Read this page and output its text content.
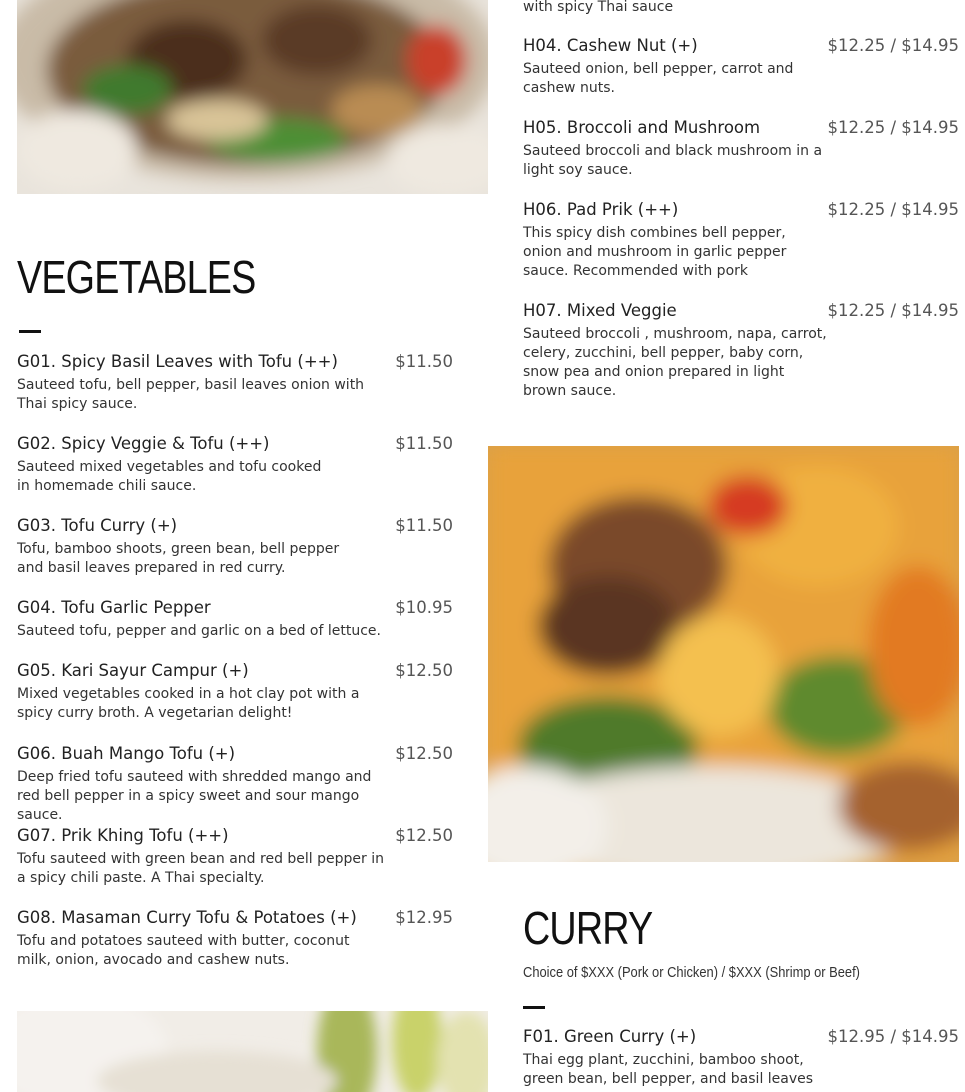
with spicy Thai sauce
H04. Cashew Nut (+)	$12.25 / $14.95
Sauteed onion, bell pepper, carrot and cashew nuts.
H05. Broccoli and Mushroom	$12.25 / $14.95
Sauteed broccoli and black mushroom in a light soy sauce.
H06. Pad Prik (++)	$12.25 / $14.95
This spicy dish combines bell pepper, onion and mushroom in garlic pepper sauce. Recommended with pork
H07. Mixed Veggie	$12.25 / $14.95
Sauteed broccoli , mushroom, napa, carrot, celery, zucchini, bell pepper, baby corn, snow pea and onion prepared in light brown sauce.
VEGETABLES
G01. Spicy Basil Leaves with Tofu (++)	$11.50
Sauteed tofu, bell pepper, basil leaves onion with Thai spicy sauce.
G02. Spicy Veggie & Tofu (++)	$11.50
Sauteed mixed vegetables and tofu cooked in homemade chili sauce.
G03. Tofu Curry (+)	$11.50
Tofu, bamboo shoots, green bean, bell pepper and basil leaves prepared in red curry.
G04. Tofu Garlic Pepper	$10.95
Sauteed tofu, pepper and garlic on a bed of lettuce.
G05. Kari Sayur Campur (+)	$12.50
Mixed vegetables cooked in a hot clay pot with a spicy curry broth. A vegetarian delight!
G06. Buah Mango Tofu (+)	$12.50
Deep fried tofu sauteed with shredded mango and red bell pepper in a spicy sweet and sour mango sauce.
G07. Prik Khing Tofu (++)	$12.50
Tofu sauteed with green bean and red bell pepper in a spicy chili paste. A Thai specialty.
G08. Masaman Curry Tofu & Potatoes (+) $12.95
Tofu and potatoes sauteed with butter, coconut milk, onion, avocado and cashew nuts.
CURRY
Choice of $XXX (Pork or Chicken) / $XXX (Shrimp or Beef)
F01. Green Curry (+)	$12.95 / $14.95
Thai egg plant, zucchini, bamboo shoot, green bean, bell pepper, and basil leaves
